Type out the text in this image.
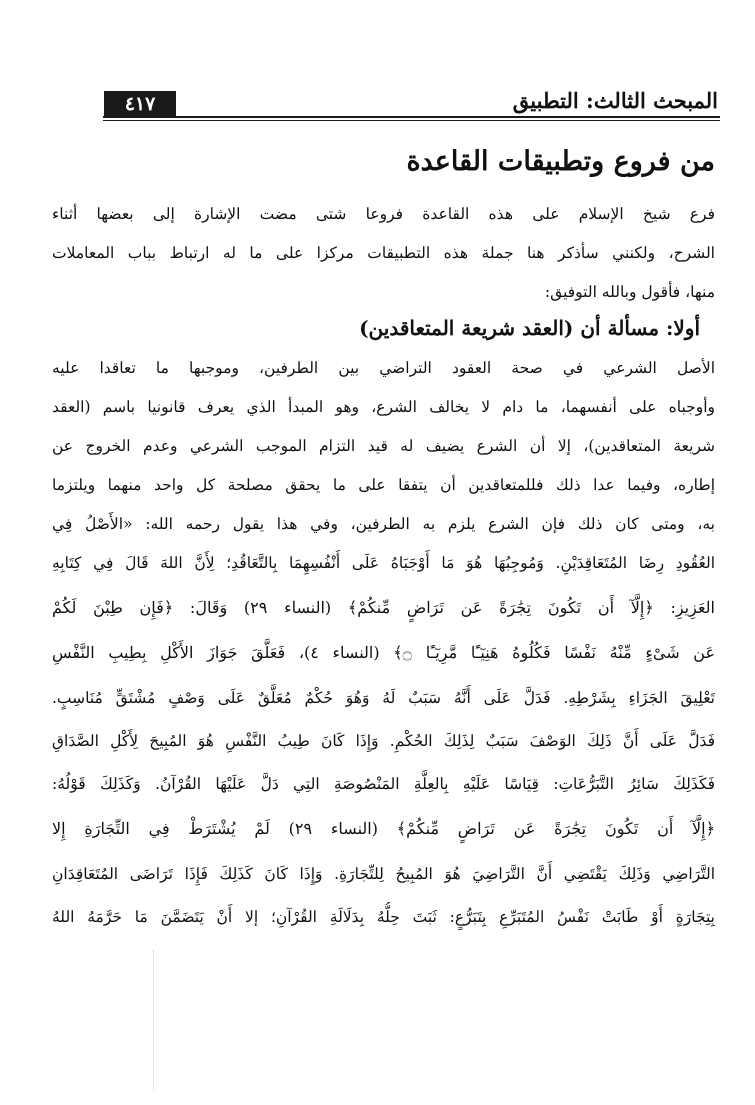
٤١٧	المبحث الثالث: التطبيق
من فروع وتطبيقات القاعدة
فرع شيخ الإسلام على هذه القاعدة فروعا شتى مضت الإشارة إلى بعضها أثناء
الشرح، ولكنني سأذكر هنا جملة هذه التطبيقات مركزا على ما له ارتباط بباب المعاملات
منها، فأقول وبالله التوفيق:
أولا: مسألة أن (العقد شريعة المتعاقدين)
الأصل الشرعي في صحة العقود التراضي بين الطرفين، وموجبها ما تعاقدا عليه
وأوجباه على أنفسهما، ما دام لا يخالف الشرع، وهو المبدأ الذي يعرف قانونيا باسم (العقد
شريعة المتعاقدين)، إلا أن الشرع يضيف له قيد التزام الموجب الشرعي وعدم الخروج عن
إطاره، وفيما عدا ذلك فللمتعاقدين أن يتفقا على ما يحقق مصلحة كل واحد منهما ويلتزما
به، ومتى كان ذلك فإن الشرع يلزم به الطرفين، وفي هذا يقول رحمه الله: «الأَصْلُ فِي
العُقُودِ رِضَا المُتَعَاقِدَيْنِ. وَمُوجِبُهَا هُوَ مَا أَوْجَبَاهُ عَلَى أَنْفُسِهِمَا بِالتَّعَاقُدِ؛ لِأَنَّ اللهَ قَالَ فِي كِتَابِهِ
العَزِيزِ: ﴿إِلَّآ أَن تَكُونَ تِجَٰرَةً عَن تَرَاضٍ مِّنكُمْ﴾ (النساء ٢٩) وَقَالَ: ﴿فَإِن طِبْنَ لَكُمْ
عَن شَىْءٍ مِّنْهُ نَفْسًا فَكُلُوهُ هَنِيٓـًٔا مَّرِيٓـًٔا ۝﴾ (النساء ٤)، فَعَلَّقَ جَوَازَ الأَكْلِ بِطِيبِ النَّفْسِ
تَعْلِيقَ الجَزَاءِ بِشَرْطِهِ. فَدَلَّ عَلَى أَنَّهُ سَبَبٌ لَهُ وَهُوَ حُكْمٌ مُعَلَّقٌ عَلَى وَصْفٍ مُشْتَقٍّ مُنَاسِبٍ.
فَدَلَّ عَلَى أَنَّ ذَلِكَ الوَصْفَ سَبَبٌ لِذَلِكَ الحُكْمِ. وَإِذَا كَانَ طِيبُ النَّفْسِ هُوَ المُبِيحَ لِأَكْلِ الصَّدَاقِ
فَكَذَلِكَ سَائِرُ التَّبَرُّعَاتِ: قِيَاسًا عَلَيْهِ بِالعِلَّةِ المَنْصُوصَةِ التِي دَلَّ عَلَيْهَا القُرْآنُ. وَكَذَلِكَ قَوْلُهُ:
﴿إِلَّآ أَن تَكُونَ تِجَٰرَةً عَن تَرَاضٍ مِّنكُمْ﴾ (النساء ٢٩) لَمْ يُشْتَرَطْ فِي التِّجَارَةِ إِلا
التَّرَاضِي وَذَلِكَ يَقْتَضِي أَنَّ التَّرَاضِيَ هُوَ المُبِيحُ لِلتِّجَارَةِ. وَإِذَا كَانَ كَذَلِكَ فَإِذَا تَرَاضَى المُتَعَاقِدَانِ
بِتِجَارَةٍ أَوْ طَابَتْ نَفْسُ المُتَبَرِّعِ بِتَبَرُّعٍ: ثَبَتَ حِلُّهُ بِدَلَالَةِ القُرْآنِ؛ إلا أَنْ يَتَضَمَّنَ مَا حَرَّمَهُ اللهُ
